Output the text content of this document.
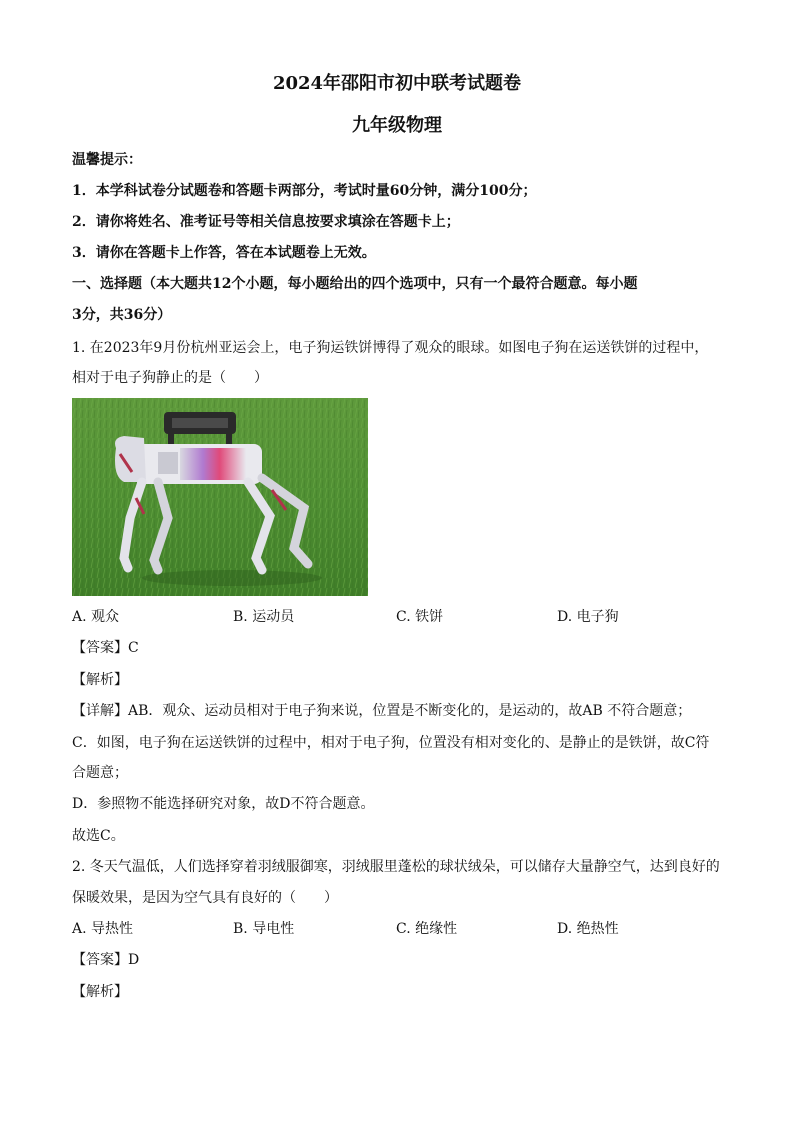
2024年邵阳市初中联考试题卷
九年级物理
温馨提示：
1．本学科试卷分试题卷和答题卡两部分，考试时量60分钟，满分100分；
2．请你将姓名、准考证号等相关信息按要求填涂在答题卡上；
3．请你在答题卡上作答，答在本试题卷上无效。
一、选择题（本大题共12个小题，每小题给出的四个选项中，只有一个最符合题意。每小题
3分，共36分）
1. 在2023年9月份杭州亚运会上，电子狗运铁饼博得了观众的眼球。如图电子狗在运送铁饼的过程中，
相对于电子狗静止的是（　　）
A. 观众	B. 运动员	C. 铁饼	D. 电子狗
【答案】C
【解析】
【详解】AB．观众、运动员相对于电子狗来说，位置是不断变化的，是运动的，故AB 不符合题意；
C．如图，电子狗在运送铁饼的过程中，相对于电子狗，位置没有相对变化的、是静止的是铁饼，故C符
合题意；
D．参照物不能选择研究对象，故D不符合题意。
故选C。
2. 冬天气温低，人们选择穿着羽绒服御寒，羽绒服里蓬松的球状绒朵，可以储存大量静空气，达到良好的
保暖效果，是因为空气具有良好的（　　）
A. 导热性	B. 导电性	C. 绝缘性	D. 绝热性
【答案】D
【解析】
